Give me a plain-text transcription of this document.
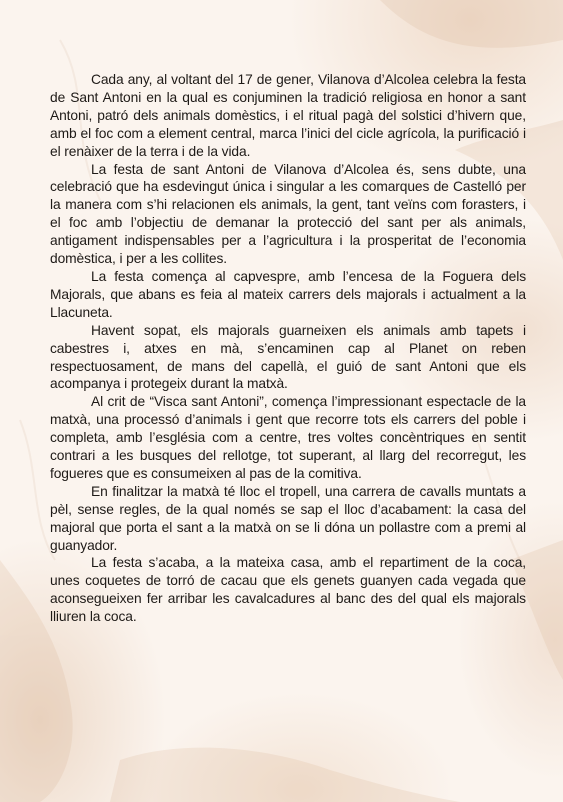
Cada any, al voltant del 17 de gener, Vilanova d’Alcolea celebra la festa de Sant Antoni en la qual es conjuminen la tradició religiosa en honor a sant Antoni, patró dels animals domèstics, i el ritual pagà del solstici d’hivern que, amb el foc com a element central, marca l’inici del cicle agrícola, la purificació i el renàixer de la terra i de la vida.

La festa de sant Antoni de Vilanova d’Alcolea és, sens dubte, una celebració que ha esdevingut única i singular a les comarques de Castelló per la manera com s’hi relacionen els animals, la gent, tant veïns com forasters, i el foc amb l’objectiu de demanar la protecció del sant per als animals, antigament indispensables per a l’agricultura i la prosperitat de l’economia domèstica, i per a les collites.

La festa comença al capvespre, amb l’encesa de la Foguera dels Majorals, que abans es feia al mateix carrers dels majorals i actualment a la Llacuneta.

Havent sopat, els majorals guarneixen els animals amb tapets i cabestres i, atxes en mà, s’encaminen cap al Planet on reben respectuosament, de mans del capellà, el guió de sant Antoni que els acompanya i protegeix durant la matxà.

Al crit de “Visca sant Antoni”, comença l’impressionant espectacle de la matxà, una processó d’animals i gent que recorre tots els carrers del poble i completa, amb l’església com a centre, tres voltes concèntriques en sentit contrari a les busques del rellotge, tot superant, al llarg del recorregut, les fogueres que es consumeixen al pas de la comitiva.

En finalitzar la matxà té lloc el tropell, una carrera de cavalls muntats a pèl, sense regles, de la qual només se sap el lloc d’acabament: la casa del majoral que porta el sant a la matxà on se li dóna un pollastre com a premi al guanyador.

La festa s’acaba, a la mateixa casa, amb el repartiment de la coca, unes coquetes de torró de cacau que els genets guanyen cada vegada que aconsegueixen fer arribar les cavalcadures al banc des del qual els majorals lliuren la coca.
